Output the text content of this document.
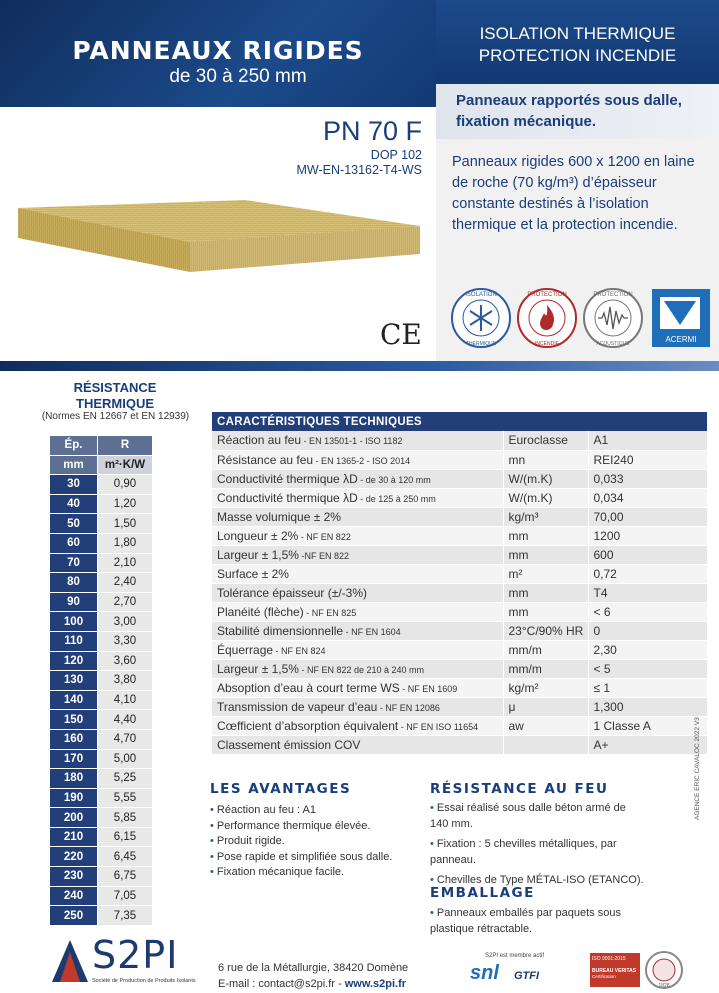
PANNEAUX RIGIDES
de 30 à 250 mm
ISOLATION THERMIQUE
PROTECTION INCENDIE
Panneaux rapportés sous dalle,
fixation mécanique.
PN 70 F
DOP 102
MW-EN-13162-T4-WS
CE
Panneaux rigides 600 x 1200 en laine
de roche (70 kg/m³) d’épaisseur
constante destinés à l’isolation
thermique et la protection incendie.
ISOLATION
THERMIQUE
PROTECTION
INCENDIE
PROTECTION
ACOUSTIQUE	ACERMI
RÉSISTANCE
THERMIQUE
(Normes EN 12667 et EN 12939)
Ép.	R
mm	m²·K/W
30	0,90
40	1,20
50	1,50
60	1,80
70	2,10
80	2,40
90	2,70
100	3,00
110	3,30
120	3,60
130	3,80
140	4,10
150	4,40
160	4,70
170	5,00
180	5,25
190	5,55
200	5,85
210	6,15
220	6,45
230	6,75
240	7,05
250	7,35
CARACTÉRISTIQUES TECHNIQUES		
Réaction au feu - EN 13501-1 - ISO 1182	Euroclasse	A1
Résistance au feu - EN 1365-2 - ISO 2014	mn	REI240
Conductivité thermique λD - de 30 à 120 mm	W/(m.K)	0,033
Conductivité thermique λD - de 125 à 250 mm	W/(m.K)	0,034
Masse volumique ± 2%	kg/m³	70,00
Longueur ± 2% - NF EN 822	mm	1200
Largeur ± 1,5% -NF EN 822	mm	600
Surface ± 2%	m²	0,72
Tolérance épaisseur (±/-3%)	mm	T4
Planéité (flèche) - NF EN 825	mm	< 6
Stabilité dimensionnelle - NF EN 1604	23°C/90% HR	0
Équerrage - NF EN 824	mm/m	2,30
Largeur ± 1,5% - NF EN 822 de 210 à 240 mm	mm/m	< 5
Absoption d’eau à court terme WS - NF EN 1609	kg/m²	≤ 1
Transmission de vapeur d’eau - NF EN 12086	μ	1,300
Cœfficient d’absorption équivalent - NF EN ISO 11654	aw	1 Classe A
Classement émission COV		A+
LES AVANTAGES
• Réaction au feu : A1
• Performance thermique élevée.
• Produit rigide.
• Pose rapide et simplifiée sous dalle.
• Fixation mécanique facile.
RÉSISTANCE AU FEU
• Essai réalisé sous dalle béton armé de
140 mm.
• Fixation : 5 chevilles métalliques, par
panneau.
• Chevilles de Type MÉTAL-ISO (ETANCO).
EMBALLAGE
• Panneaux emballés par paquets sous
plastique rétractable.
AGENCE ERIC CAVALOC 2022 V3
S2PI
Société de Production de Produits Isolants
6 rue de la Métallurgie, 38420 Domène
E-mail : contact@s2pi.fr - www.s2pi.fr
S2PI est membre actif
snl GTFI
ISO 9001:2015
BUREAU VERITAS
Certification
1828
